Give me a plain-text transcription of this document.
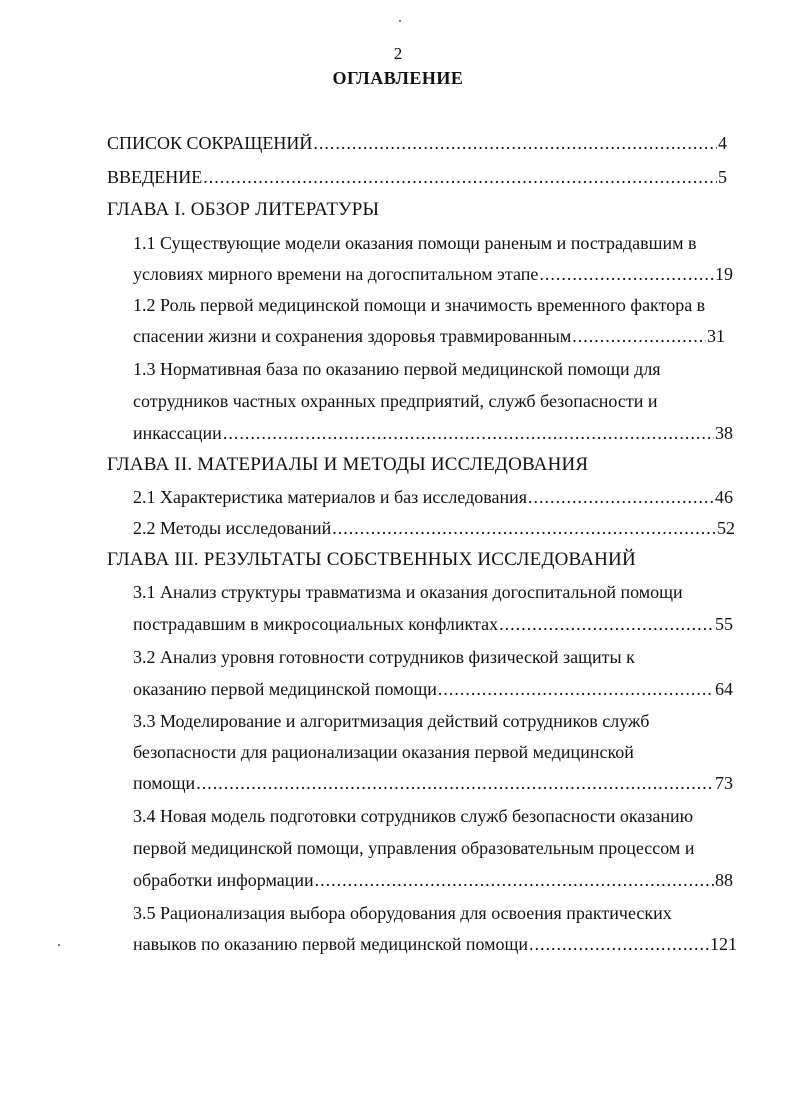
2
ОГЛАВЛЕНИЕ
СПИСОК СОКРАЩЕНИЙ .....	4
ВВЕДЕНИЕ .....	5
ГЛАВА I. ОБЗОР ЛИТЕРАТУРЫ
1.1 Существующие модели оказания помощи раненым и пострадавшим в
условиях мирного времени на догоспитальном этапе .....	19
1.2 Роль первой медицинской помощи и значимость временного фактора в
спасении жизни и сохранения здоровья травмированным .....	31
1.3 Нормативная база по оказанию первой медицинской помощи для
сотрудников частных охранных предприятий, служб безопасности и
инкассации .....	38
ГЛАВА II. МАТЕРИАЛЫ И МЕТОДЫ ИССЛЕДОВАНИЯ
2.1 Характеристика материалов и баз исследования .....	46
2.2 Методы исследований .....	52
ГЛАВА III. РЕЗУЛЬТАТЫ СОБСТВЕННЫХ ИССЛЕДОВАНИЙ
3.1 Анализ структуры травматизма и оказания догоспитальной помощи
пострадавшим в микросоциальных конфликтах .....	55
3.2 Анализ уровня готовности сотрудников физической защиты к
оказанию первой медицинской помощи .....	64
3.3 Моделирование и алгоритмизация действий сотрудников служб
безопасности для рационализации оказания первой медицинской
помощи .....	73
3.4 Новая модель подготовки сотрудников служб безопасности оказанию
первой медицинской помощи, управления образовательным процессом и
обработки информации .....	88
3.5 Рационализация выбора оборудования для освоения практических
навыков по оказанию первой медицинской помощи .....	121
